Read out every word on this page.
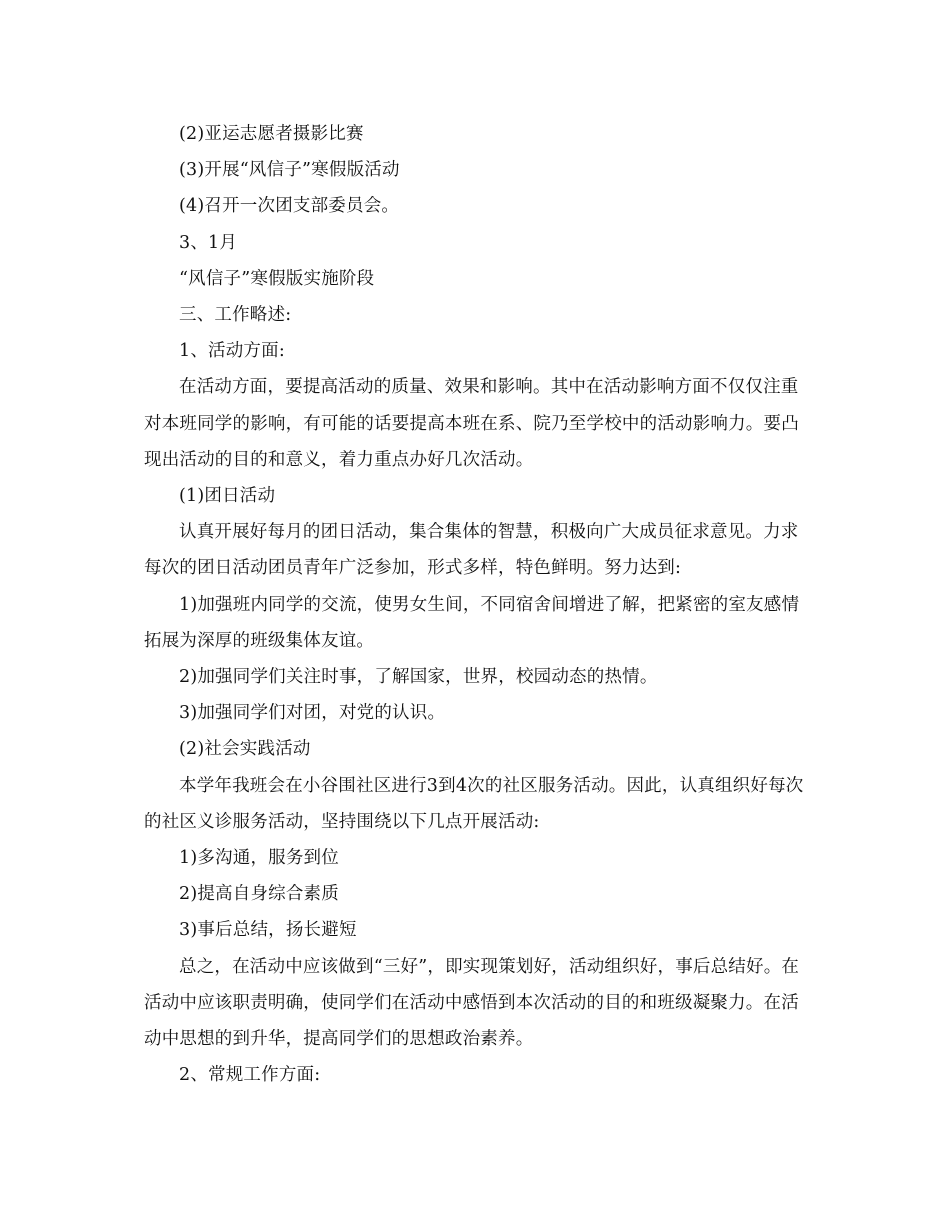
(2)亚运志愿者摄影比赛

(3)开展“风信子”寒假版活动

(4)召开一次团支部委员会。

3、1月

“风信子”寒假版实施阶段

三、工作略述:

1、活动方面:

在活动方面，要提高活动的质量、效果和影响。其中在活动影响方面不仅仅注重对本班同学的影响，有可能的话要提高本班在系、院乃至学校中的活动影响力。要凸现出活动的目的和意义，着力重点办好几次活动。

(1)团日活动

认真开展好每月的团日活动，集合集体的智慧，积极向广大成员征求意见。力求每次的团日活动团员青年广泛参加，形式多样，特色鲜明。努力达到:

1)加强班内同学的交流，使男女生间，不同宿舍间增进了解，把紧密的室友感情拓展为深厚的班级集体友谊。

2)加强同学们关注时事，了解国家，世界，校园动态的热情。

3)加强同学们对团，对党的认识。

(2)社会实践活动

本学年我班会在小谷围社区进行3到4次的社区服务活动。因此，认真组织好每次的社区义诊服务活动，坚持围绕以下几点开展活动:

1)多沟通，服务到位

2)提高自身综合素质

3)事后总结，扬长避短

总之，在活动中应该做到“三好”，即实现策划好，活动组织好，事后总结好。在活动中应该职责明确，使同学们在活动中感悟到本次活动的目的和班级凝聚力。在活动中思想的到升华，提高同学们的思想政治素养。

2、常规工作方面:
